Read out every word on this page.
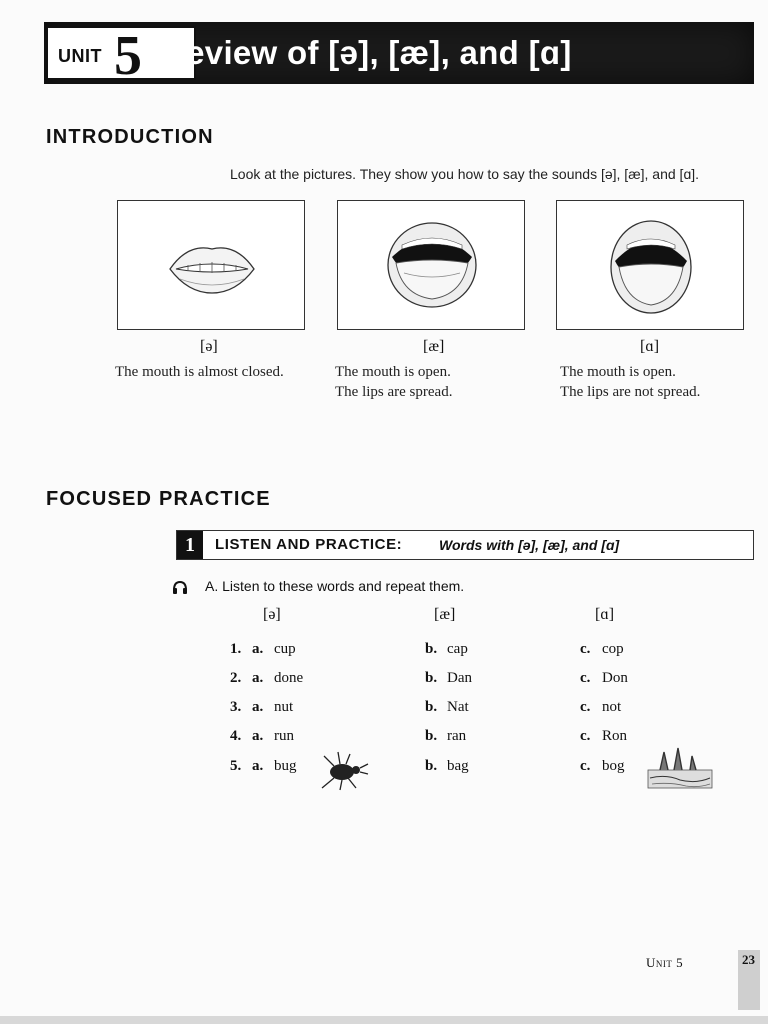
UNIT 5 Review of [ə], [æ], and [ɑ]
INTRODUCTION
Look at the pictures. They show you how to say the sounds [ə], [æ], and [ɑ].
[ə]	[æ]	[ɑ]
The mouth is almost closed.	The mouth is open.
The lips are spread.
The mouth is open.
The lips are not spread.
FOCUSED PRACTICE
1	LISTEN AND PRACTICE:	Words with [ə], [æ], and [ɑ]
A. Listen to these words and repeat them.
[ə]	[æ]	[ɑ]
1. a. cup	b. cap	c. cop
2. a. done	b. Dan	c. Don
3. a. nut	b. Nat	c. not
4. a. run	b. ran	c. Ron
5. a. bug	b. bag	c. bog
Unit 5	23
